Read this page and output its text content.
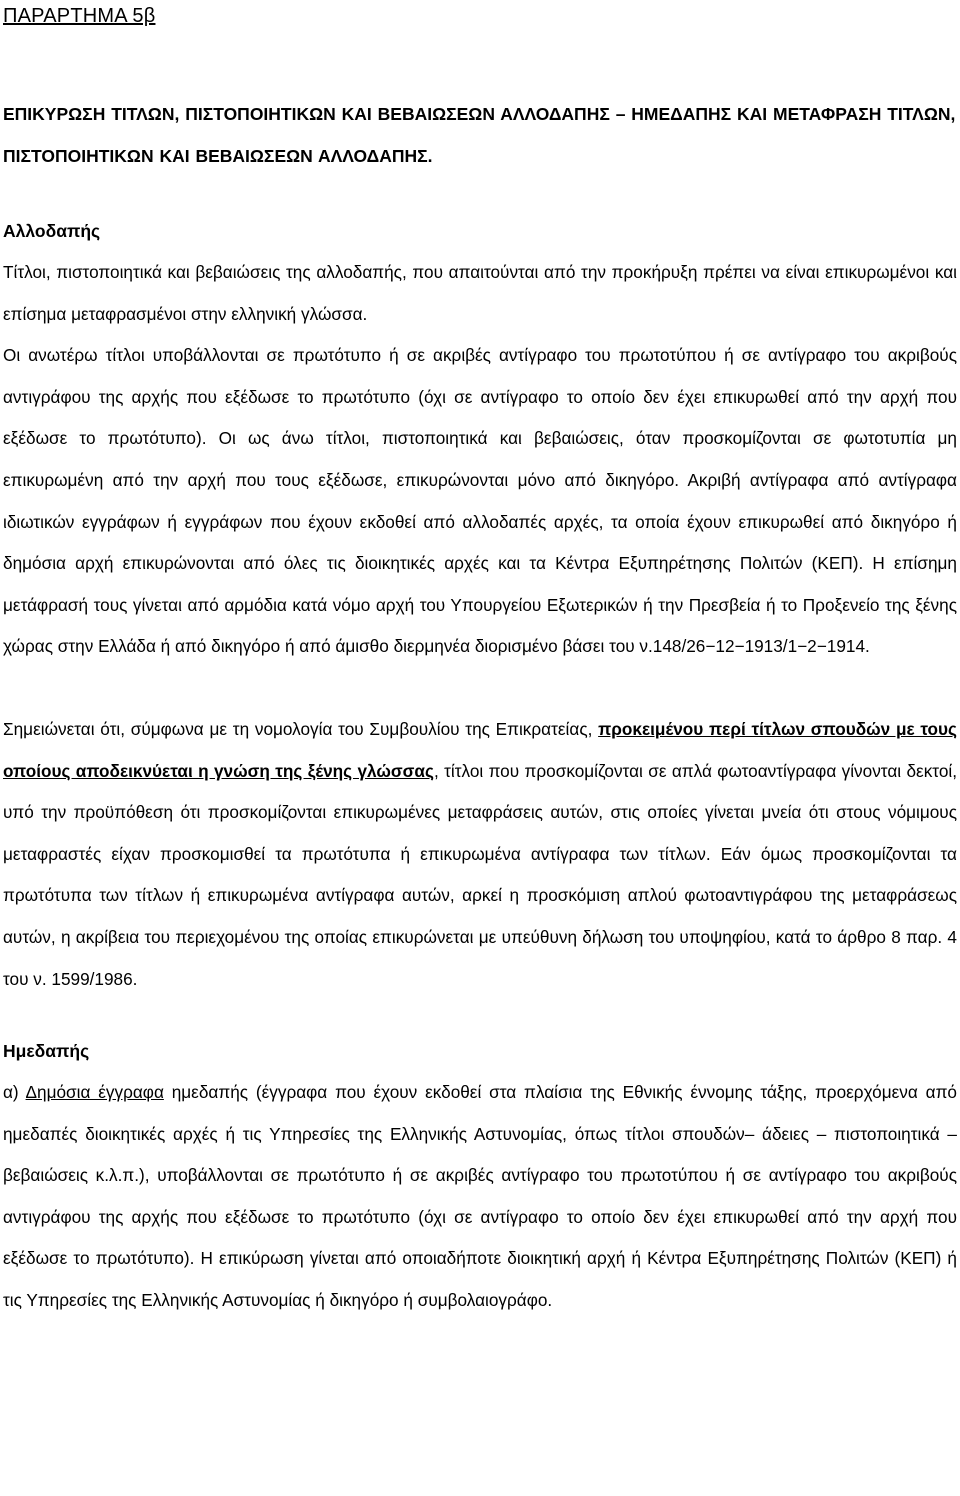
ΠΑΡΑΡΤΗΜΑ 5β
ΕΠΙΚΥΡΩΣΗ ΤΙΤΛΩΝ, ΠΙΣΤΟΠΟΙΗΤΙΚΩΝ ΚΑΙ ΒΕΒΑΙΩΣΕΩΝ ΑΛΛΟΔΑΠΗΣ – ΗΜΕΔΑΠΗΣ ΚΑΙ ΜΕΤΑΦΡΑΣΗ ΤΙΤΛΩΝ, ΠΙΣΤΟΠΟΙΗΤΙΚΩΝ ΚΑΙ ΒΕΒΑΙΩΣΕΩΝ ΑΛΛΟΔΑΠΗΣ.
Αλλοδαπής

Τίτλοι, πιστοποιητικά και βεβαιώσεις της αλλοδαπής, που απαιτούνται από την προκήρυξη πρέπει να είναι επικυρωμένοι και επίσημα μεταφρασμένοι στην ελληνική γλώσσα.

Οι ανωτέρω τίτλοι υποβάλλονται σε πρωτότυπο ή σε ακριβές αντίγραφο του πρωτοτύπου ή σε αντίγραφο του ακριβούς αντιγράφου της αρχής που εξέδωσε το πρωτότυπο (όχι σε αντίγραφο το οποίο δεν έχει επικυρωθεί από την αρχή που εξέδωσε το πρωτότυπο). Οι ως άνω τίτλοι, πιστοποιητικά και βεβαιώσεις, όταν προσκομίζονται σε φωτοτυπία μη επικυρωμένη από την αρχή που τους εξέδωσε, επικυρώνονται μόνο από δικηγόρο. Ακριβή αντίγραφα από αντίγραφα ιδιωτικών εγγράφων ή εγγράφων που έχουν εκδοθεί από αλλοδαπές αρχές, τα οποία έχουν επικυρωθεί από δικηγόρο ή δημόσια αρχή επικυρώνονται από όλες τις διοικητικές αρχές και τα Κέντρα Εξυπηρέτησης Πολιτών (ΚΕΠ). Η επίσημη μετάφρασή τους γίνεται από αρμόδια κατά νόμο αρχή του Υπουργείου Εξωτερικών ή την Πρεσβεία ή το Προξενείο της ξένης χώρας στην Ελλάδα ή από δικηγόρο ή από άμισθο διερμηνέα διορισμένο βάσει του ν.148/26−12−1913/1−2−1914.

Σημειώνεται ότι, σύμφωνα με τη νομολογία του Συμβουλίου της Επικρατείας, προκειμένου περί τίτλων σπουδών με τους οποίους αποδεικνύεται η γνώση της ξένης γλώσσας, τίτλοι που προσκομίζονται σε απλά φωτοαντίγραφα γίνονται δεκτοί, υπό την προϋπόθεση ότι προσκομίζονται επικυρωμένες μεταφράσεις αυτών, στις οποίες γίνεται μνεία ότι στους νόμιμους μεταφραστές είχαν προσκομισθεί τα πρωτότυπα ή επικυρωμένα αντίγραφα των τίτλων. Εάν όμως προσκομίζονται τα πρωτότυπα των τίτλων ή επικυρωμένα αντίγραφα αυτών, αρκεί η προσκόμιση απλού φωτοαντιγράφου της μεταφράσεως αυτών, η ακρίβεια του περιεχομένου της οποίας επικυρώνεται με υπεύθυνη δήλωση του υποψηφίου, κατά το άρθρο 8 παρ. 4 του ν. 1599/1986.

Ημεδαπής

α) Δημόσια έγγραφα ημεδαπής (έγγραφα που έχουν εκδοθεί στα πλαίσια της Εθνικής έννομης τάξης, προερχόμενα από ημεδαπές διοικητικές αρχές ή τις Υπηρεσίες της Ελληνικής Αστυνομίας, όπως τίτλοι σπουδών– άδειες – πιστοποιητικά – βεβαιώσεις κ.λ.π.), υποβάλλονται σε πρωτότυπο ή σε ακριβές αντίγραφο του πρωτοτύπου ή σε αντίγραφο του ακριβούς αντιγράφου της αρχής που εξέδωσε το πρωτότυπο (όχι σε αντίγραφο το οποίο δεν έχει επικυρωθεί από την αρχή που εξέδωσε το πρωτότυπο). Η επικύρωση γίνεται από οποιαδήποτε διοικητική αρχή ή Κέντρα Εξυπηρέτησης Πολιτών (ΚΕΠ) ή τις Υπηρεσίες της Ελληνικής Αστυνομίας ή δικηγόρο ή συμβολαιογράφο.
